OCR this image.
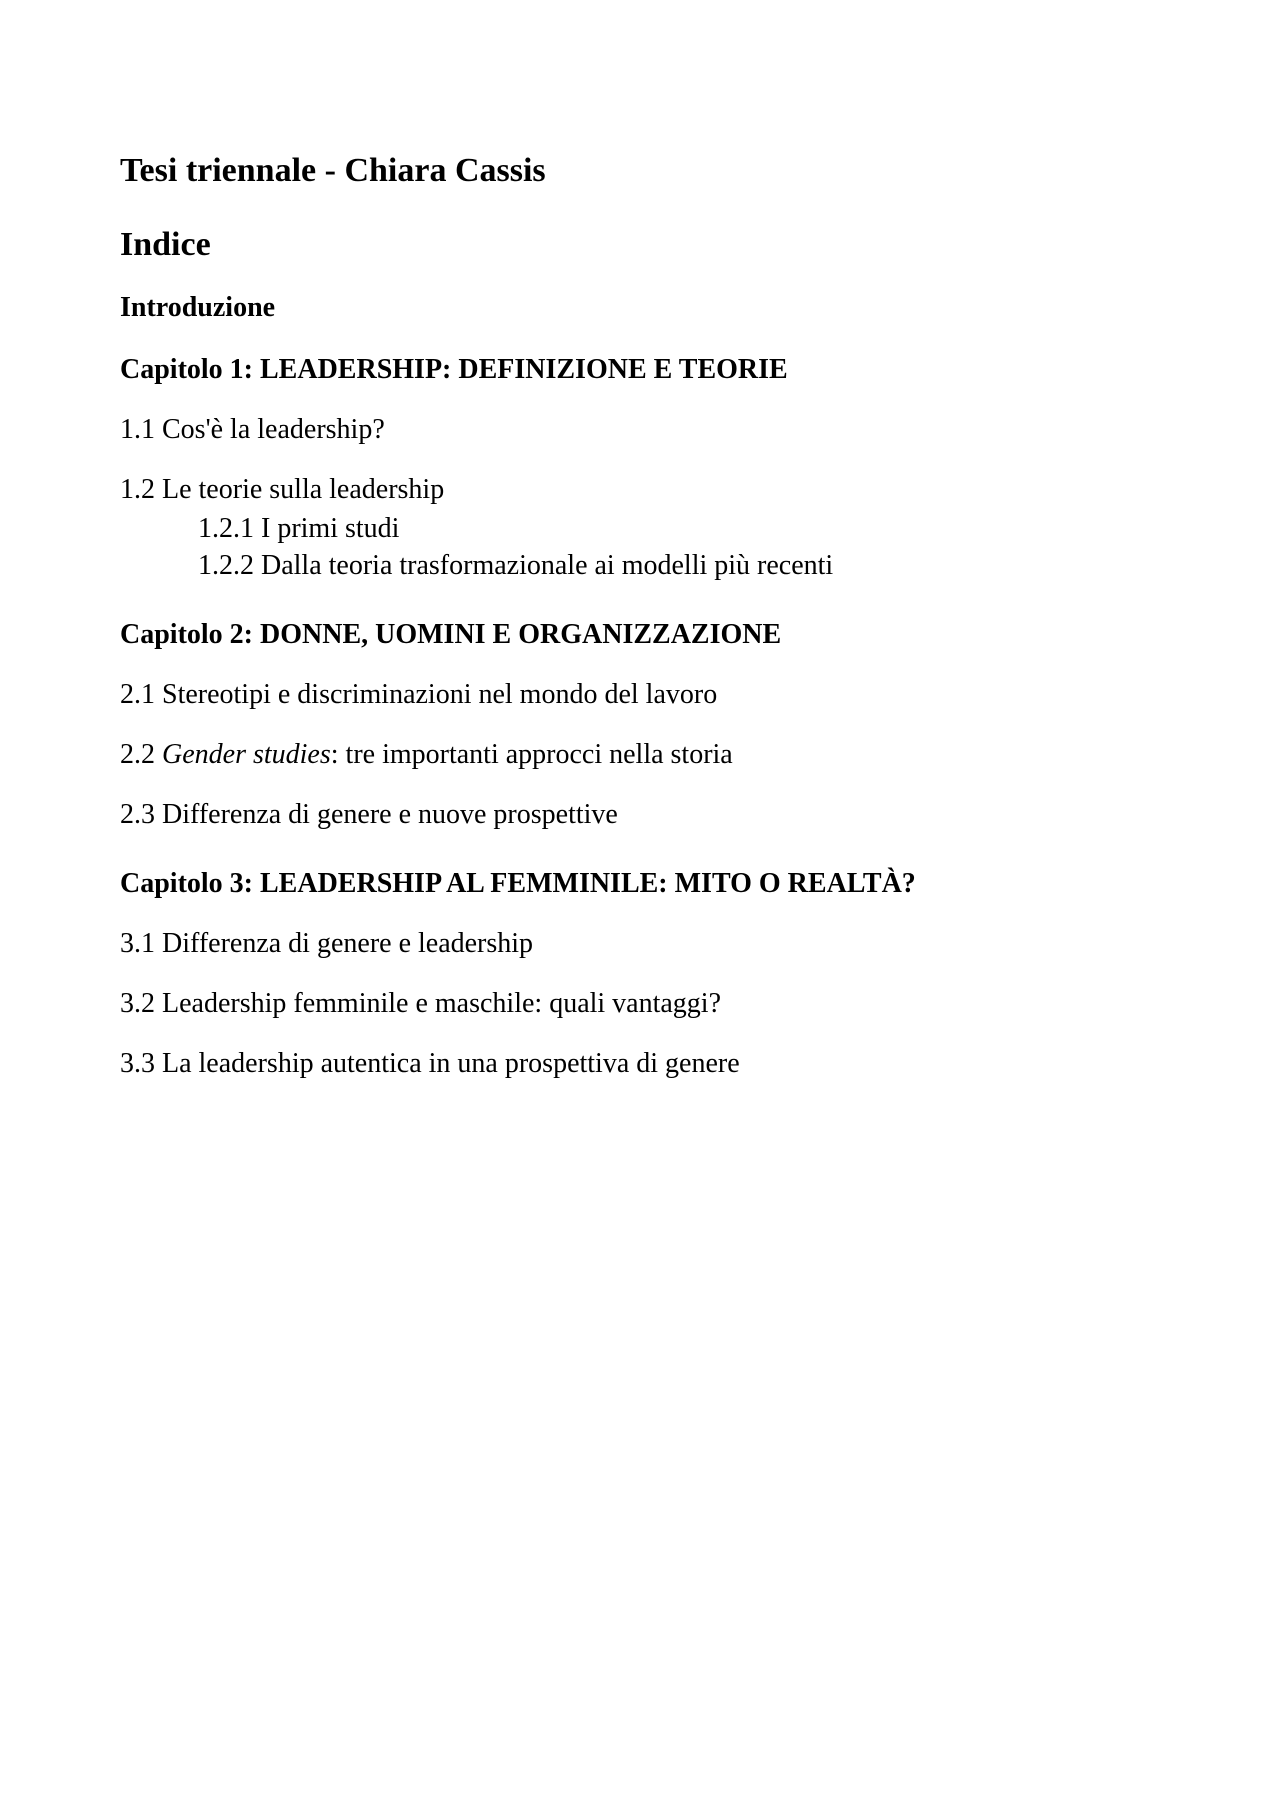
Tesi triennale - Chiara Cassis
Indice

Introduzione

Capitolo 1: LEADERSHIP: DEFINIZIONE E TEORIE

1.1 Cos'è la leadership?

1.2 Le teorie sulla leadership

1.2.1 I primi studi

1.2.2 Dalla teoria trasformazionale ai modelli più recenti

Capitolo 2: DONNE, UOMINI E ORGANIZZAZIONE

2.1 Stereotipi e discriminazioni nel mondo del lavoro

2.2 Gender studies: tre importanti approcci nella storia

2.3 Differenza di genere e nuove prospettive

Capitolo 3: LEADERSHIP AL FEMMINILE: MITO O REALTÀ?

3.1 Differenza di genere e leadership

3.2 Leadership femminile e maschile: quali vantaggi?

3.3 La leadership autentica in una prospettiva di genere
